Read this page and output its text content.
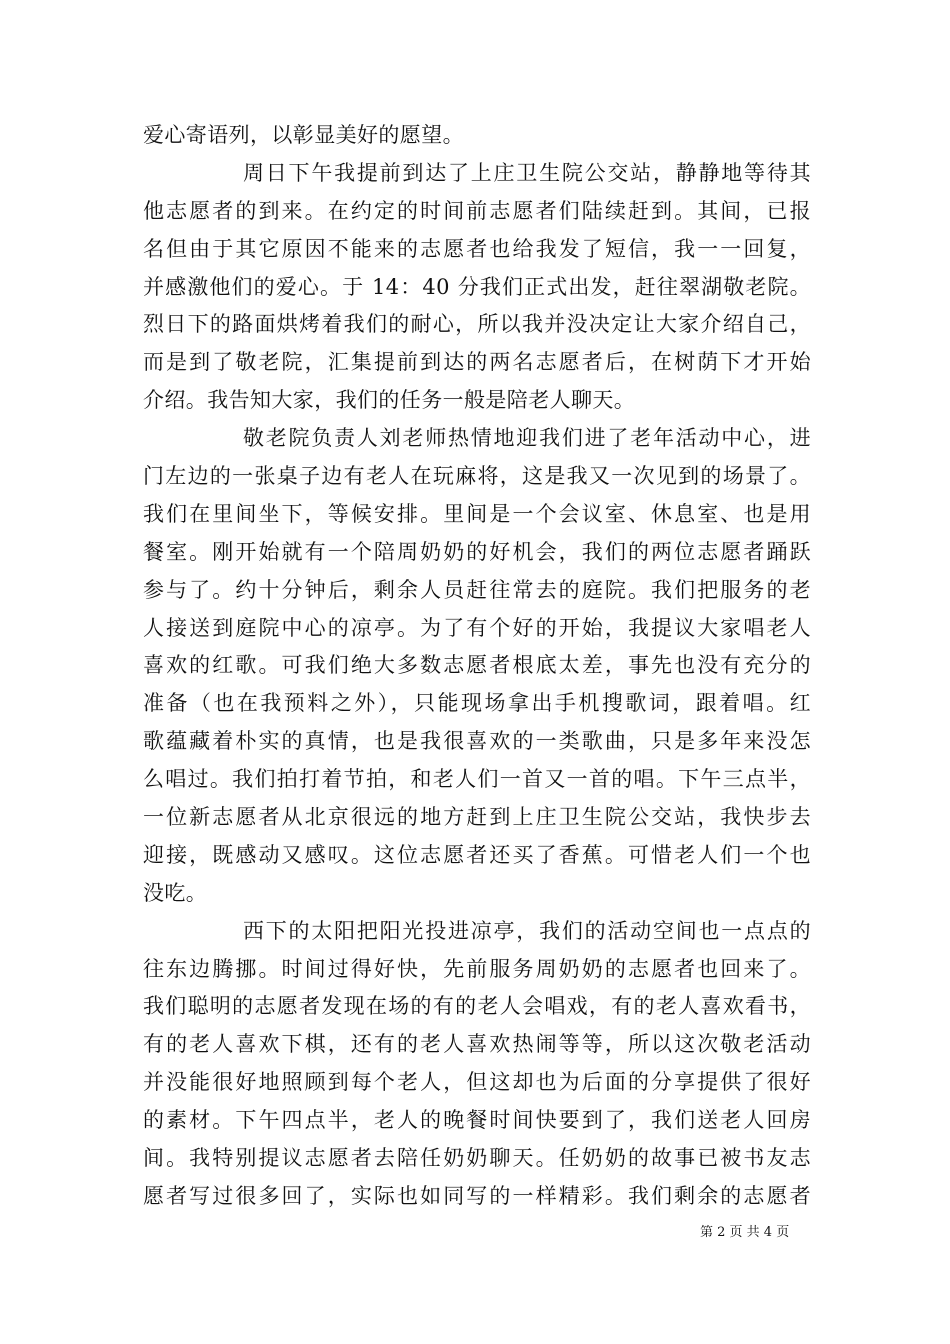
爱心寄语列，以彰显美好的愿望。
周日下午我提前到达了上庄卫生院公交站，静静地等待其
他志愿者的到来。在约定的时间前志愿者们陆续赶到。其间，已报
名但由于其它原因不能来的志愿者也给我发了短信，我一一回复，
并感激他们的爱心。于 14：40 分我们正式出发，赶往翠湖敬老院。
烈日下的路面烘烤着我们的耐心，所以我并没决定让大家介绍自己，
而是到了敬老院，汇集提前到达的两名志愿者后，在树荫下才开始
介绍。我告知大家，我们的任务一般是陪老人聊天。
敬老院负责人刘老师热情地迎我们进了老年活动中心，进
门左边的一张桌子边有老人在玩麻将，这是我又一次见到的场景了。
我们在里间坐下，等候安排。里间是一个会议室、休息室、也是用
餐室。刚开始就有一个陪周奶奶的好机会，我们的两位志愿者踊跃
参与了。约十分钟后，剩余人员赶往常去的庭院。我们把服务的老
人接送到庭院中心的凉亭。为了有个好的开始，我提议大家唱老人
喜欢的红歌。可我们绝大多数志愿者根底太差，事先也没有充分的
准备（也在我预料之外），只能现场拿出手机搜歌词，跟着唱。红
歌蕴藏着朴实的真情，也是我很喜欢的一类歌曲，只是多年来没怎
么唱过。我们拍打着节拍，和老人们一首又一首的唱。下午三点半，
一位新志愿者从北京很远的地方赶到上庄卫生院公交站，我快步去
迎接，既感动又感叹。这位志愿者还买了香蕉。可惜老人们一个也
没吃。
西下的太阳把阳光投进凉亭，我们的活动空间也一点点的
往东边腾挪。时间过得好快，先前服务周奶奶的志愿者也回来了。
我们聪明的志愿者发现在场的有的老人会唱戏，有的老人喜欢看书，
有的老人喜欢下棋，还有的老人喜欢热闹等等，所以这次敬老活动
并没能很好地照顾到每个老人，但这却也为后面的分享提供了很好
的素材。下午四点半，老人的晚餐时间快要到了，我们送老人回房
间。我特别提议志愿者去陪任奶奶聊天。任奶奶的故事已被书友志
愿者写过很多回了，实际也如同写的一样精彩。我们剩余的志愿者
第 2 页 共 4 页
